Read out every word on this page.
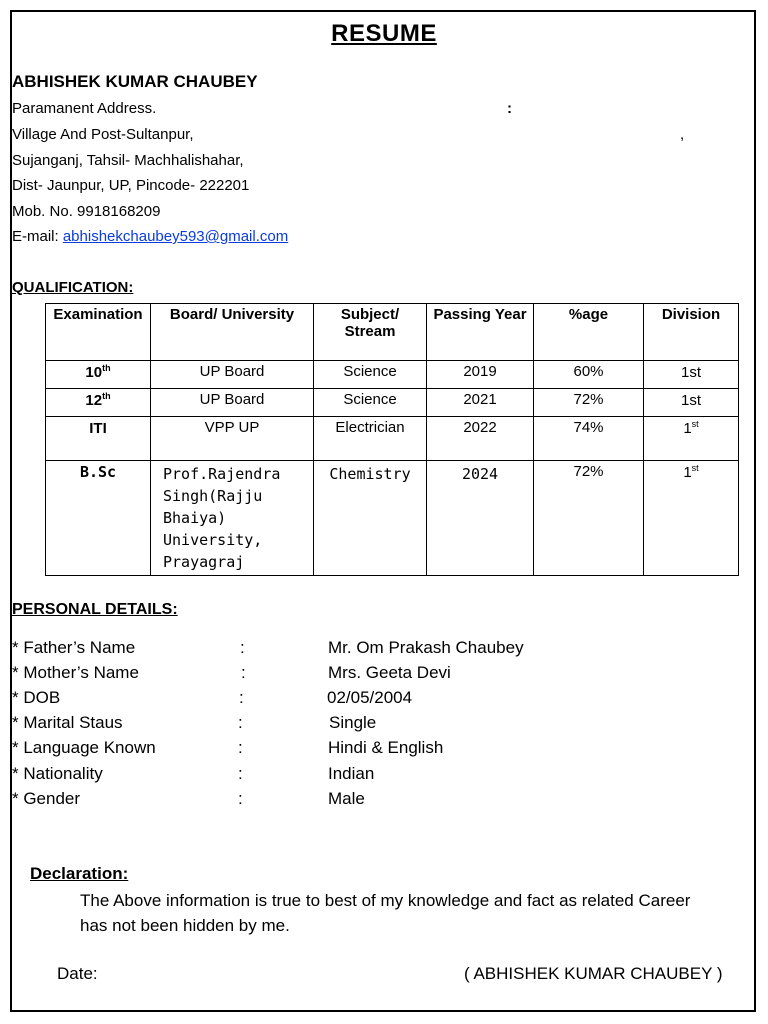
RESUME
ABHISHEK KUMAR CHAUBEY
Paramanent Address.	:
Village And Post-Sultanpur,	,
Sujanganj, Tahsil- Machhalishahar,
Dist- Jaunpur, UP, Pincode- 222201
Mob. No. 9918168209
E-mail: abhishekchaubey593@gmail.com
QUALIFICATION:
Examination	Board/ University	Subject/ Stream	Passing Year	%age	Division
10th	UP Board	Science	2019	60%	1st
12th	UP Board	Science	2021	72%	1st
ITI	VPP UP	Electrician	2022	74%	1st
B.Sc	Prof.Rajendra Singh(Rajju Bhaiya) University, Prayagraj	Chemistry	2024	72%	1st
PERSONAL DETAILS:
* Father’s Name	:	Mr. Om Prakash Chaubey
* Mother’s Name	:	Mrs. Geeta Devi
* DOB	:	02/05/2004
* Marital Staus	:	Single
* Language Known	:	Hindi & English
* Nationality	:	Indian
* Gender	:	Male
Declaration:
The Above information is true to best of my knowledge and fact as related Career has not been hidden by me.
Date:	( ABHISHEK KUMAR CHAUBEY )
